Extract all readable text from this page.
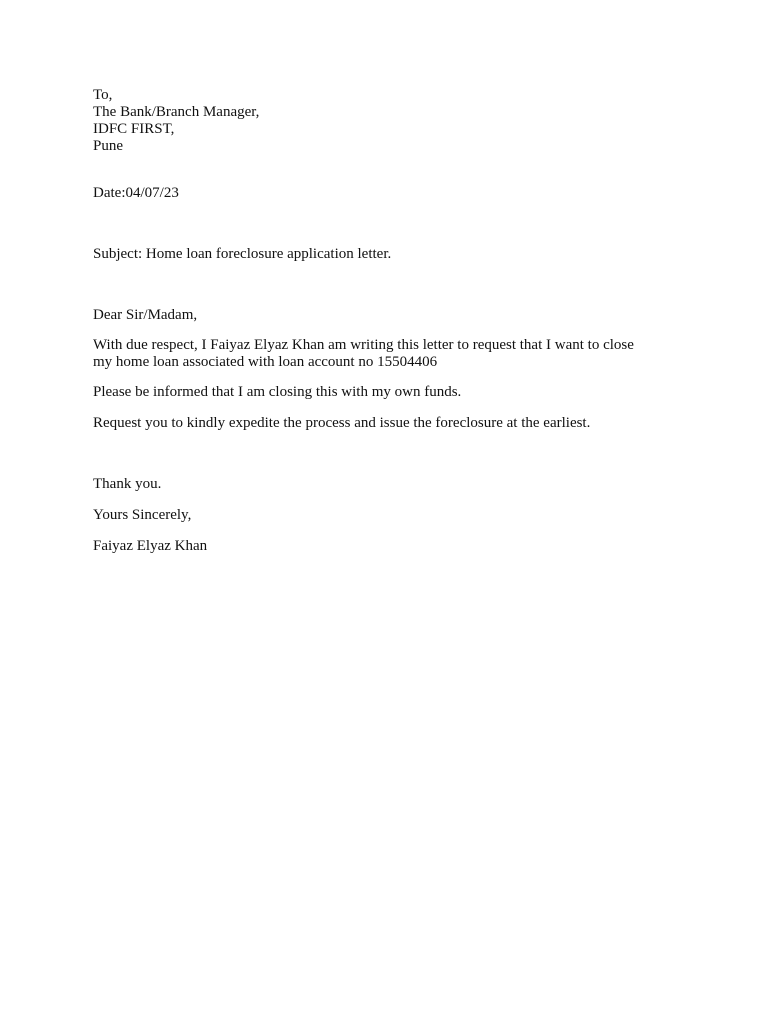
To,
The Bank/Branch Manager,
IDFC FIRST,
Pune
Date:04/07/23
Subject: Home loan foreclosure application letter.
Dear Sir/Madam,
With due respect, I Faiyaz Elyaz Khan am writing this letter to request that I want to close
my home loan associated with loan account no 15504406
Please be informed that I am closing this with my own funds.
Request you to kindly expedite the process and issue the foreclosure at the earliest.
Thank you.
Yours Sincerely,
Faiyaz Elyaz Khan
